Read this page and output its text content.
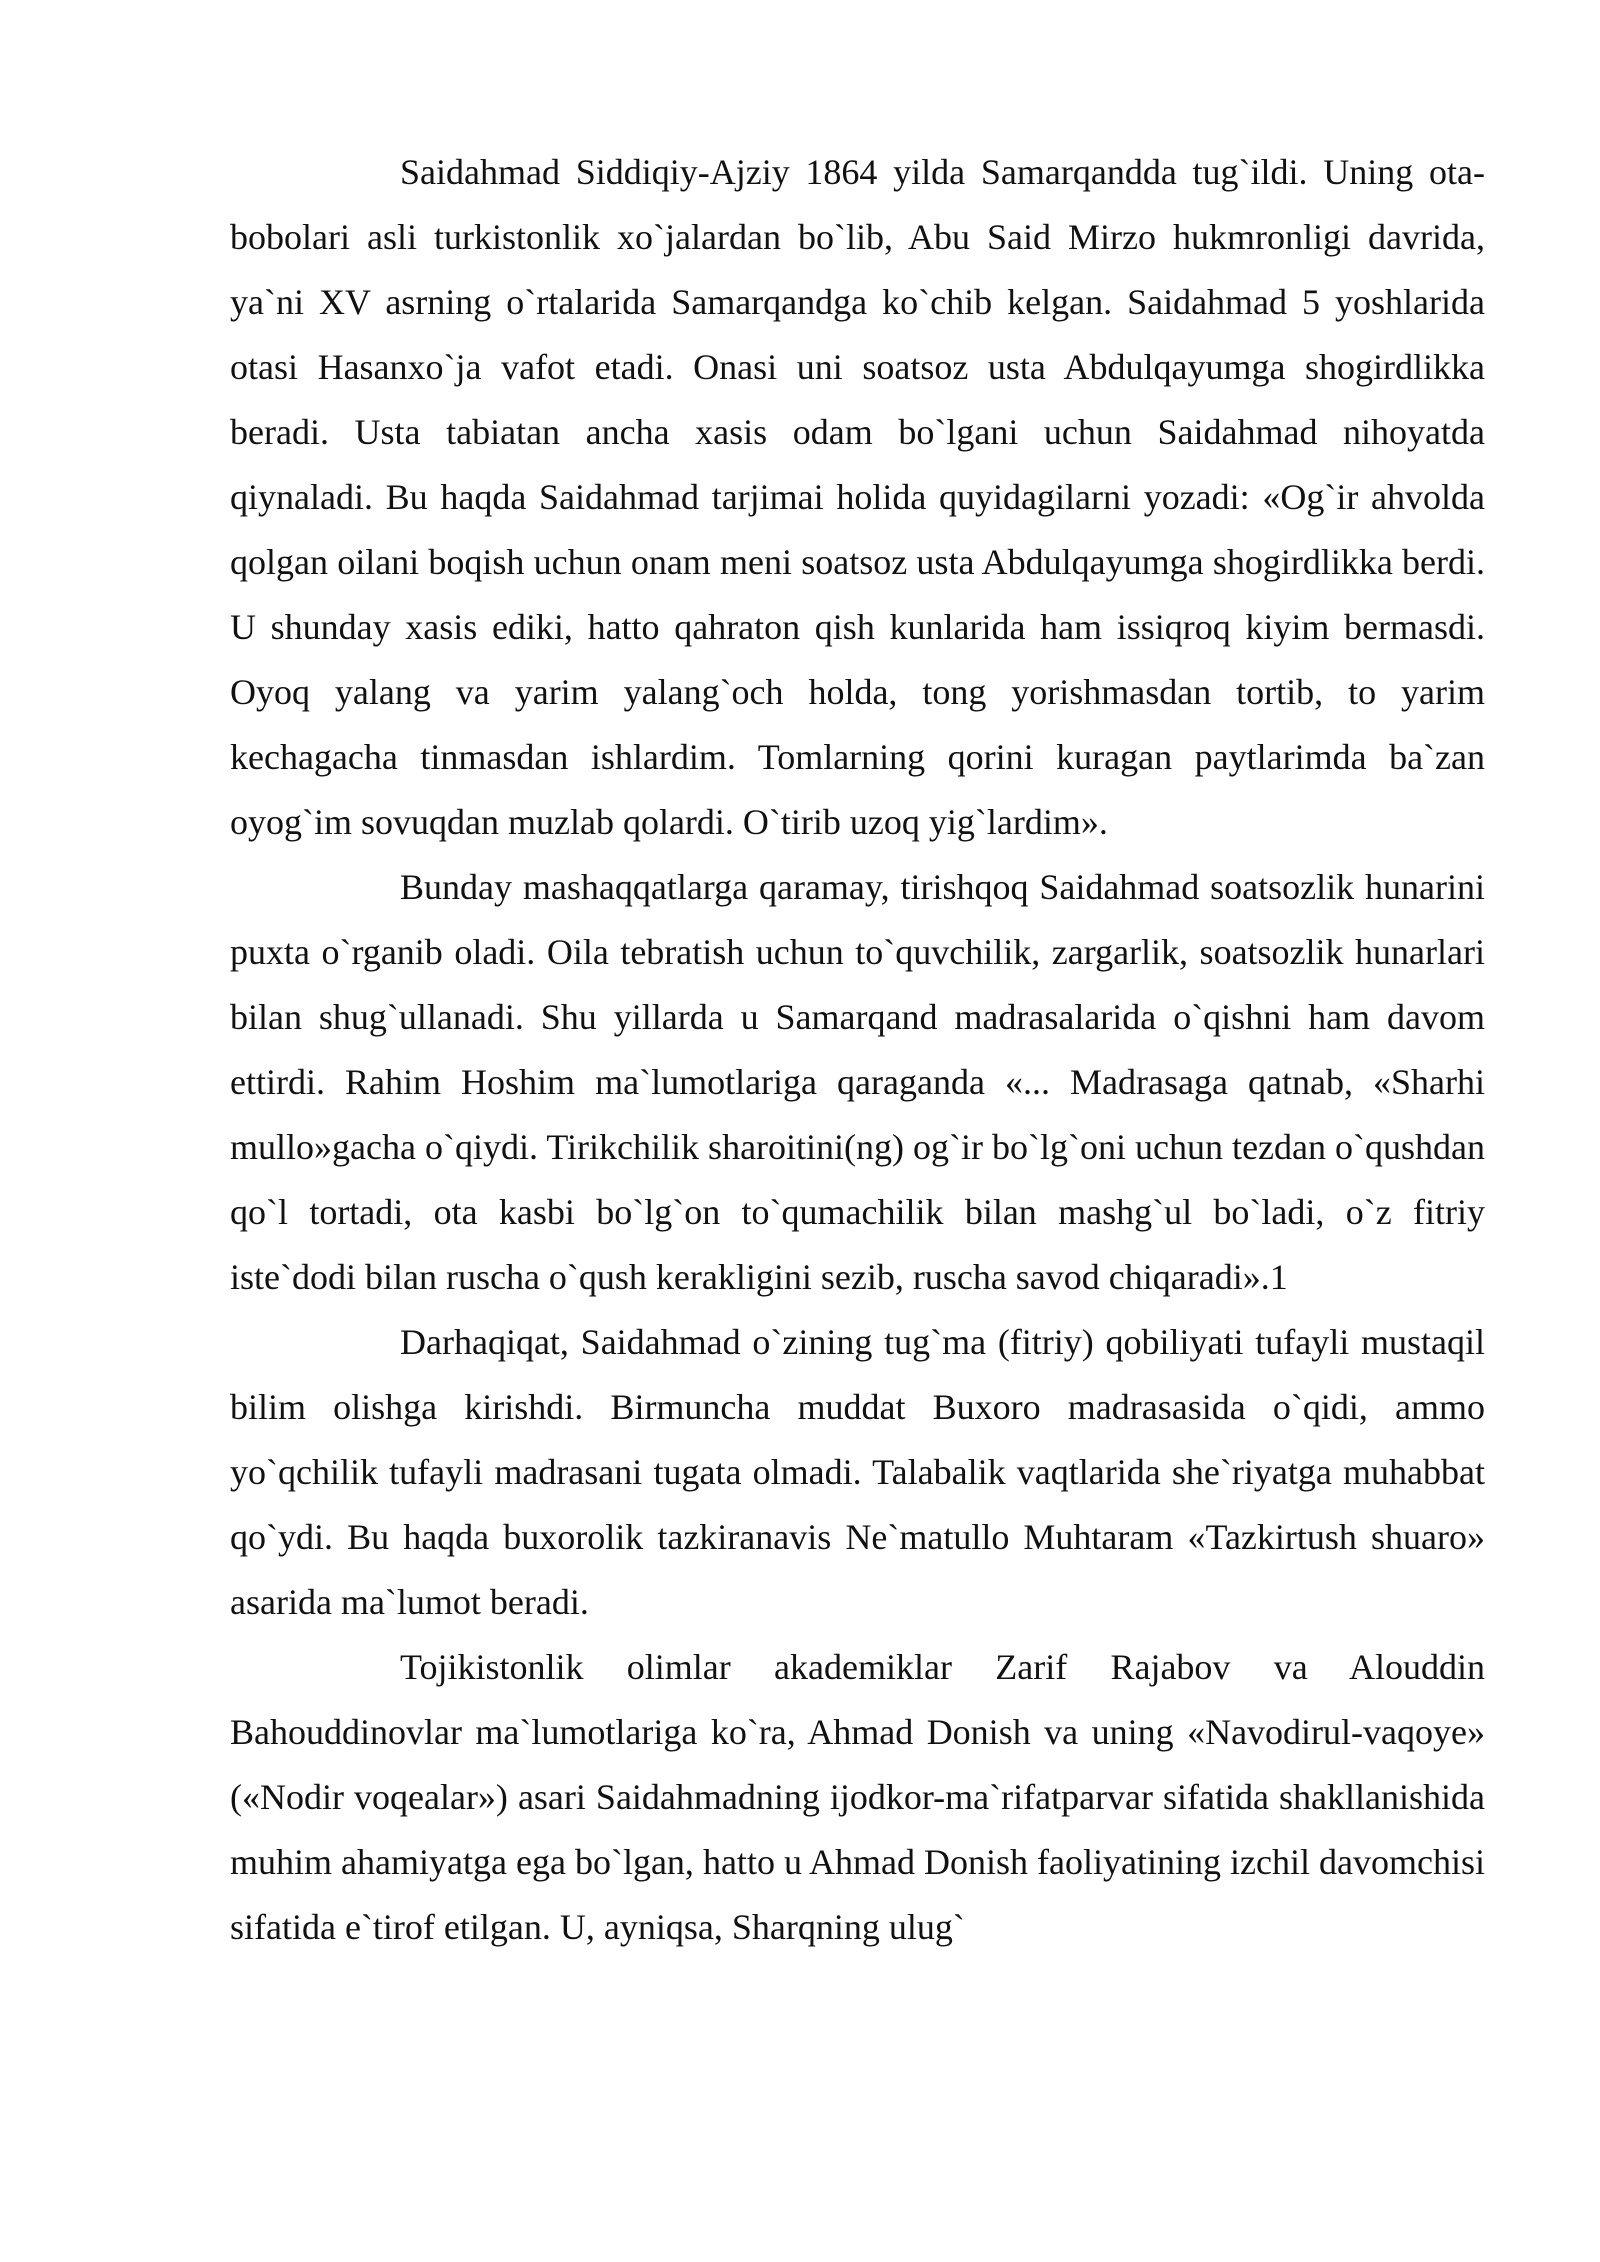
Saidahmad Siddiqiy-Ajziy 1864 yilda Samarqandda tug`ildi. Uning ota-bobolari asli turkistonlik xo`jalardan bo`lib, Abu Said Mirzo hukmronligi davrida, ya`ni XV asrning o`rtalarida Samarqandga ko`chib kelgan. Saidahmad 5 yoshlarida otasi Hasanxo`ja vafot etadi. Onasi uni soatsoz usta Abdulqayumga shogirdlikka beradi. Usta tabiatan ancha xasis odam bo`lgani uchun Saidahmad nihoyatda qiynaladi. Bu haqda Saidahmad tarjimai holida quyidagilarni yozadi: «Og`ir ahvolda qolgan oilani boqish uchun onam meni soatsoz usta Abdulqayumga shogirdlikka berdi. U shunday xasis ediki, hatto qahraton qish kunlarida ham issiqroq kiyim bermasdi. Oyoq yalang va yarim yalang`och holda, tong yorishmasdan tortib, to yarim kechagacha tinmasdan ishlardim. Tomlarning qorini kuragan paytlarimda ba`zan oyog`im sovuqdan muzlab qolardi. O`tirib uzoq yig`lardim».

Bunday mashaqqatlarga qaramay, tirishqoq Saidahmad soatsozlik hunarini puxta o`rganib oladi. Oila tebratish uchun to`quvchilik, zargarlik, soatsozlik hunarlari bilan shug`ullanadi. Shu yillarda u Samarqand madrasalarida o`qishni ham davom ettirdi. Rahim Hoshim ma`lumotlariga qaraganda «... Madrasaga qatnab, «Sharhi mullo»gacha o`qiydi. Tirikchilik sharoitini(ng) og`ir bo`lg`oni uchun tezdan o`qushdan qo`l tortadi, ota kasbi bo`lg`on to`qumachilik bilan mashg`ul bo`ladi, o`z fitriy iste`dodi bilan ruscha o`qush kerakligini sezib, ruscha savod chiqaradi».1

Darhaqiqat, Saidahmad o`zining tug`ma (fitriy) qobiliyati tufayli mustaqil bilim olishga kirishdi. Birmuncha muddat Buxoro madrasasida o`qidi, ammo yo`qchilik tufayli madrasani tugata olmadi. Talabalik vaqtlarida she`riyatga muhabbat qo`ydi. Bu haqda buxorolik tazkiranavis Ne`matullo Muhtaram «Tazkirtush shuaro» asarida ma`lumot beradi.

Tojikistonlik olimlar akademiklar Zarif Rajabov va Alouddin Bahouddinovlar ma`lumotlariga ko`ra, Ahmad Donish va uning «Navodirul-vaqoye» («Nodir voqealar») asari Saidahmadning ijodkor-ma`rifatparvar sifatida shakllanishida muhim ahamiyatga ega bo`lgan, hatto u Ahmad Donish faoliyatining izchil davomchisi sifatida e`tirof etilgan. U, ayniqsa, Sharqning ulug`
